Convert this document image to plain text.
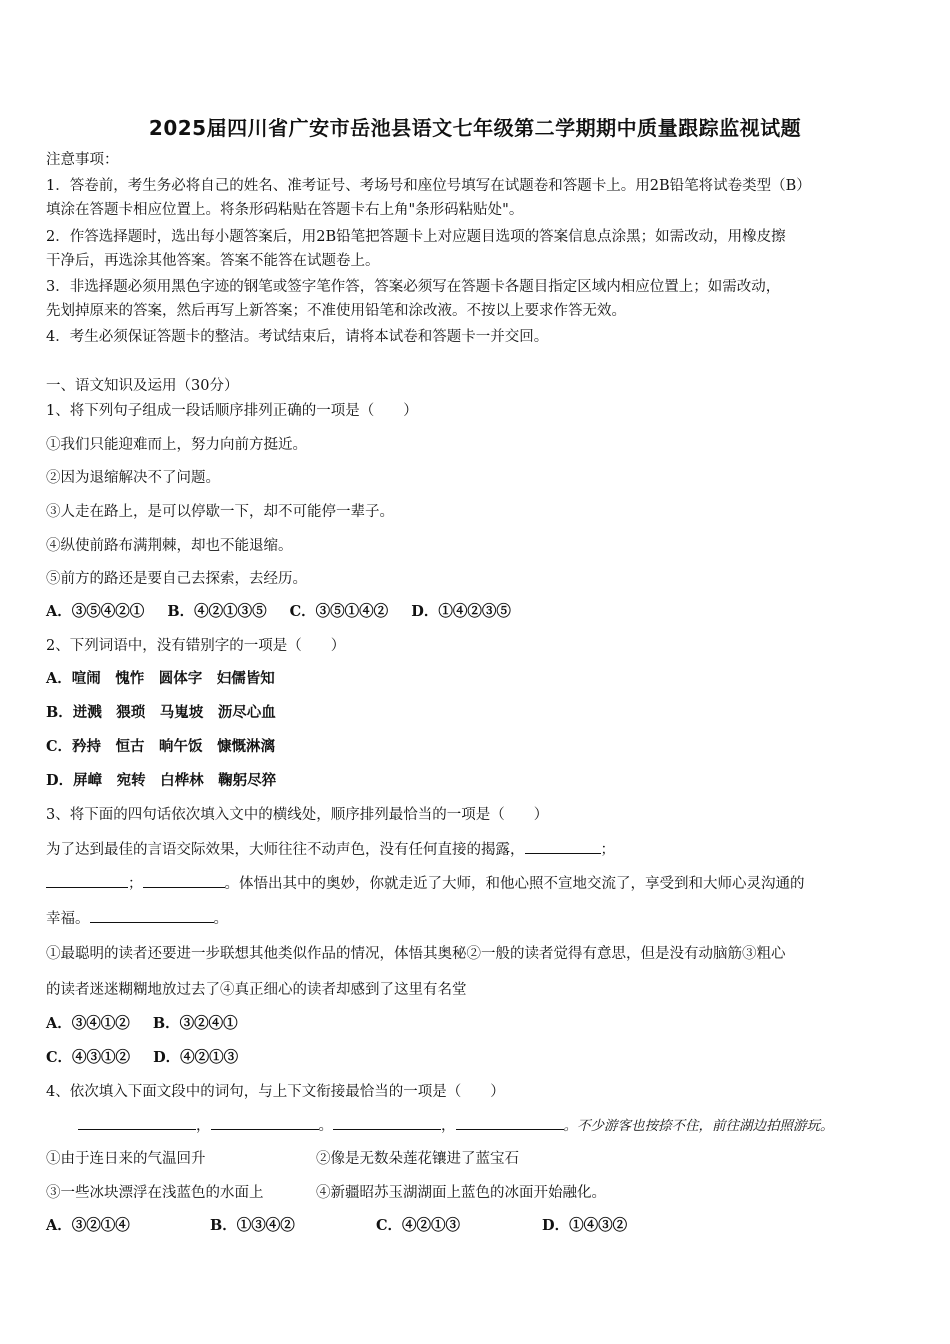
2025届四川省广安市岳池县语文七年级第二学期期中质量跟踪监视试题
注意事项：
1．答卷前，考生务必将自己的姓名、准考证号、考场号和座位号填写在试题卷和答题卡上。用2B铅笔将试卷类型（B）
填涂在答题卡相应位置上。将条形码粘贴在答题卡右上角"条形码粘贴处"。
2．作答选择题时，选出每小题答案后，用2B铅笔把答题卡上对应题目选项的答案信息点涂黑；如需改动，用橡皮擦
干净后，再选涂其他答案。答案不能答在试题卷上。
3．非选择题必须用黑色字迹的钢笔或签字笔作答，答案必须写在答题卡各题目指定区域内相应位置上；如需改动，
先划掉原来的答案，然后再写上新答案；不准使用铅笔和涂改液。不按以上要求作答无效。
4．考生必须保证答题卡的整洁。考试结束后，请将本试卷和答题卡一并交回。
一、语文知识及运用（30分）
1、将下列句子组成一段话顺序排列正确的一项是（　　）
①我们只能迎难而上，努力向前方挺近。
②因为退缩解决不了问题。
③人走在路上，是可以停歇一下，却不可能停一辈子。
④纵使前路布满荆棘，却也不能退缩。
⑤前方的路还是要自己去探索，去经历。
A．③⑤④②① B．④②①③⑤ C．③⑤①④② D．①④②③⑤
2、下列词语中，没有错别字的一项是（　　）
A．喧闹　愧怍　圆体字　妇儒皆知
B．迸溅　猥琐　马嵬坡　沥尽心血
C．矜持　恒古　晌午饭　慷慨淋漓
D．屏嶂　宛转　白桦林　鞠躬尽猝
3、将下面的四句话依次填入文中的横线处，顺序排列最恰当的一项是（　　）
为了达到最佳的言语交际效果，大师往往不动声色，没有任何直接的揭露，	；
；	。体悟出其中的奥妙，你就走近了大师，和他心照不宣地交流了，享受到和大师心灵沟通的
幸福。	。
①最聪明的读者还要进一步联想其他类似作品的情况，体悟其奥秘②一般的读者觉得有意思，但是没有动脑筋③粗心
的读者迷迷糊糊地放过去了④真正细心的读者却感到了这里有名堂
A．③④①② B．③②④①
C．④③①② D．④②①③
4、依次填入下面文段中的词句，与上下文衔接最恰当的一项是（　　）
，	。	，	。不少游客也按捺不住，前往湖边拍照游玩。
①由于连日来的气温回升	②像是无数朵莲花镶进了蓝宝石
③一些冰块漂浮在浅蓝色的水面上	④新疆昭苏玉湖湖面上蓝色的冰面开始融化。
A．③②①④	B．①③④②	C．④②①③	D．①④③②
